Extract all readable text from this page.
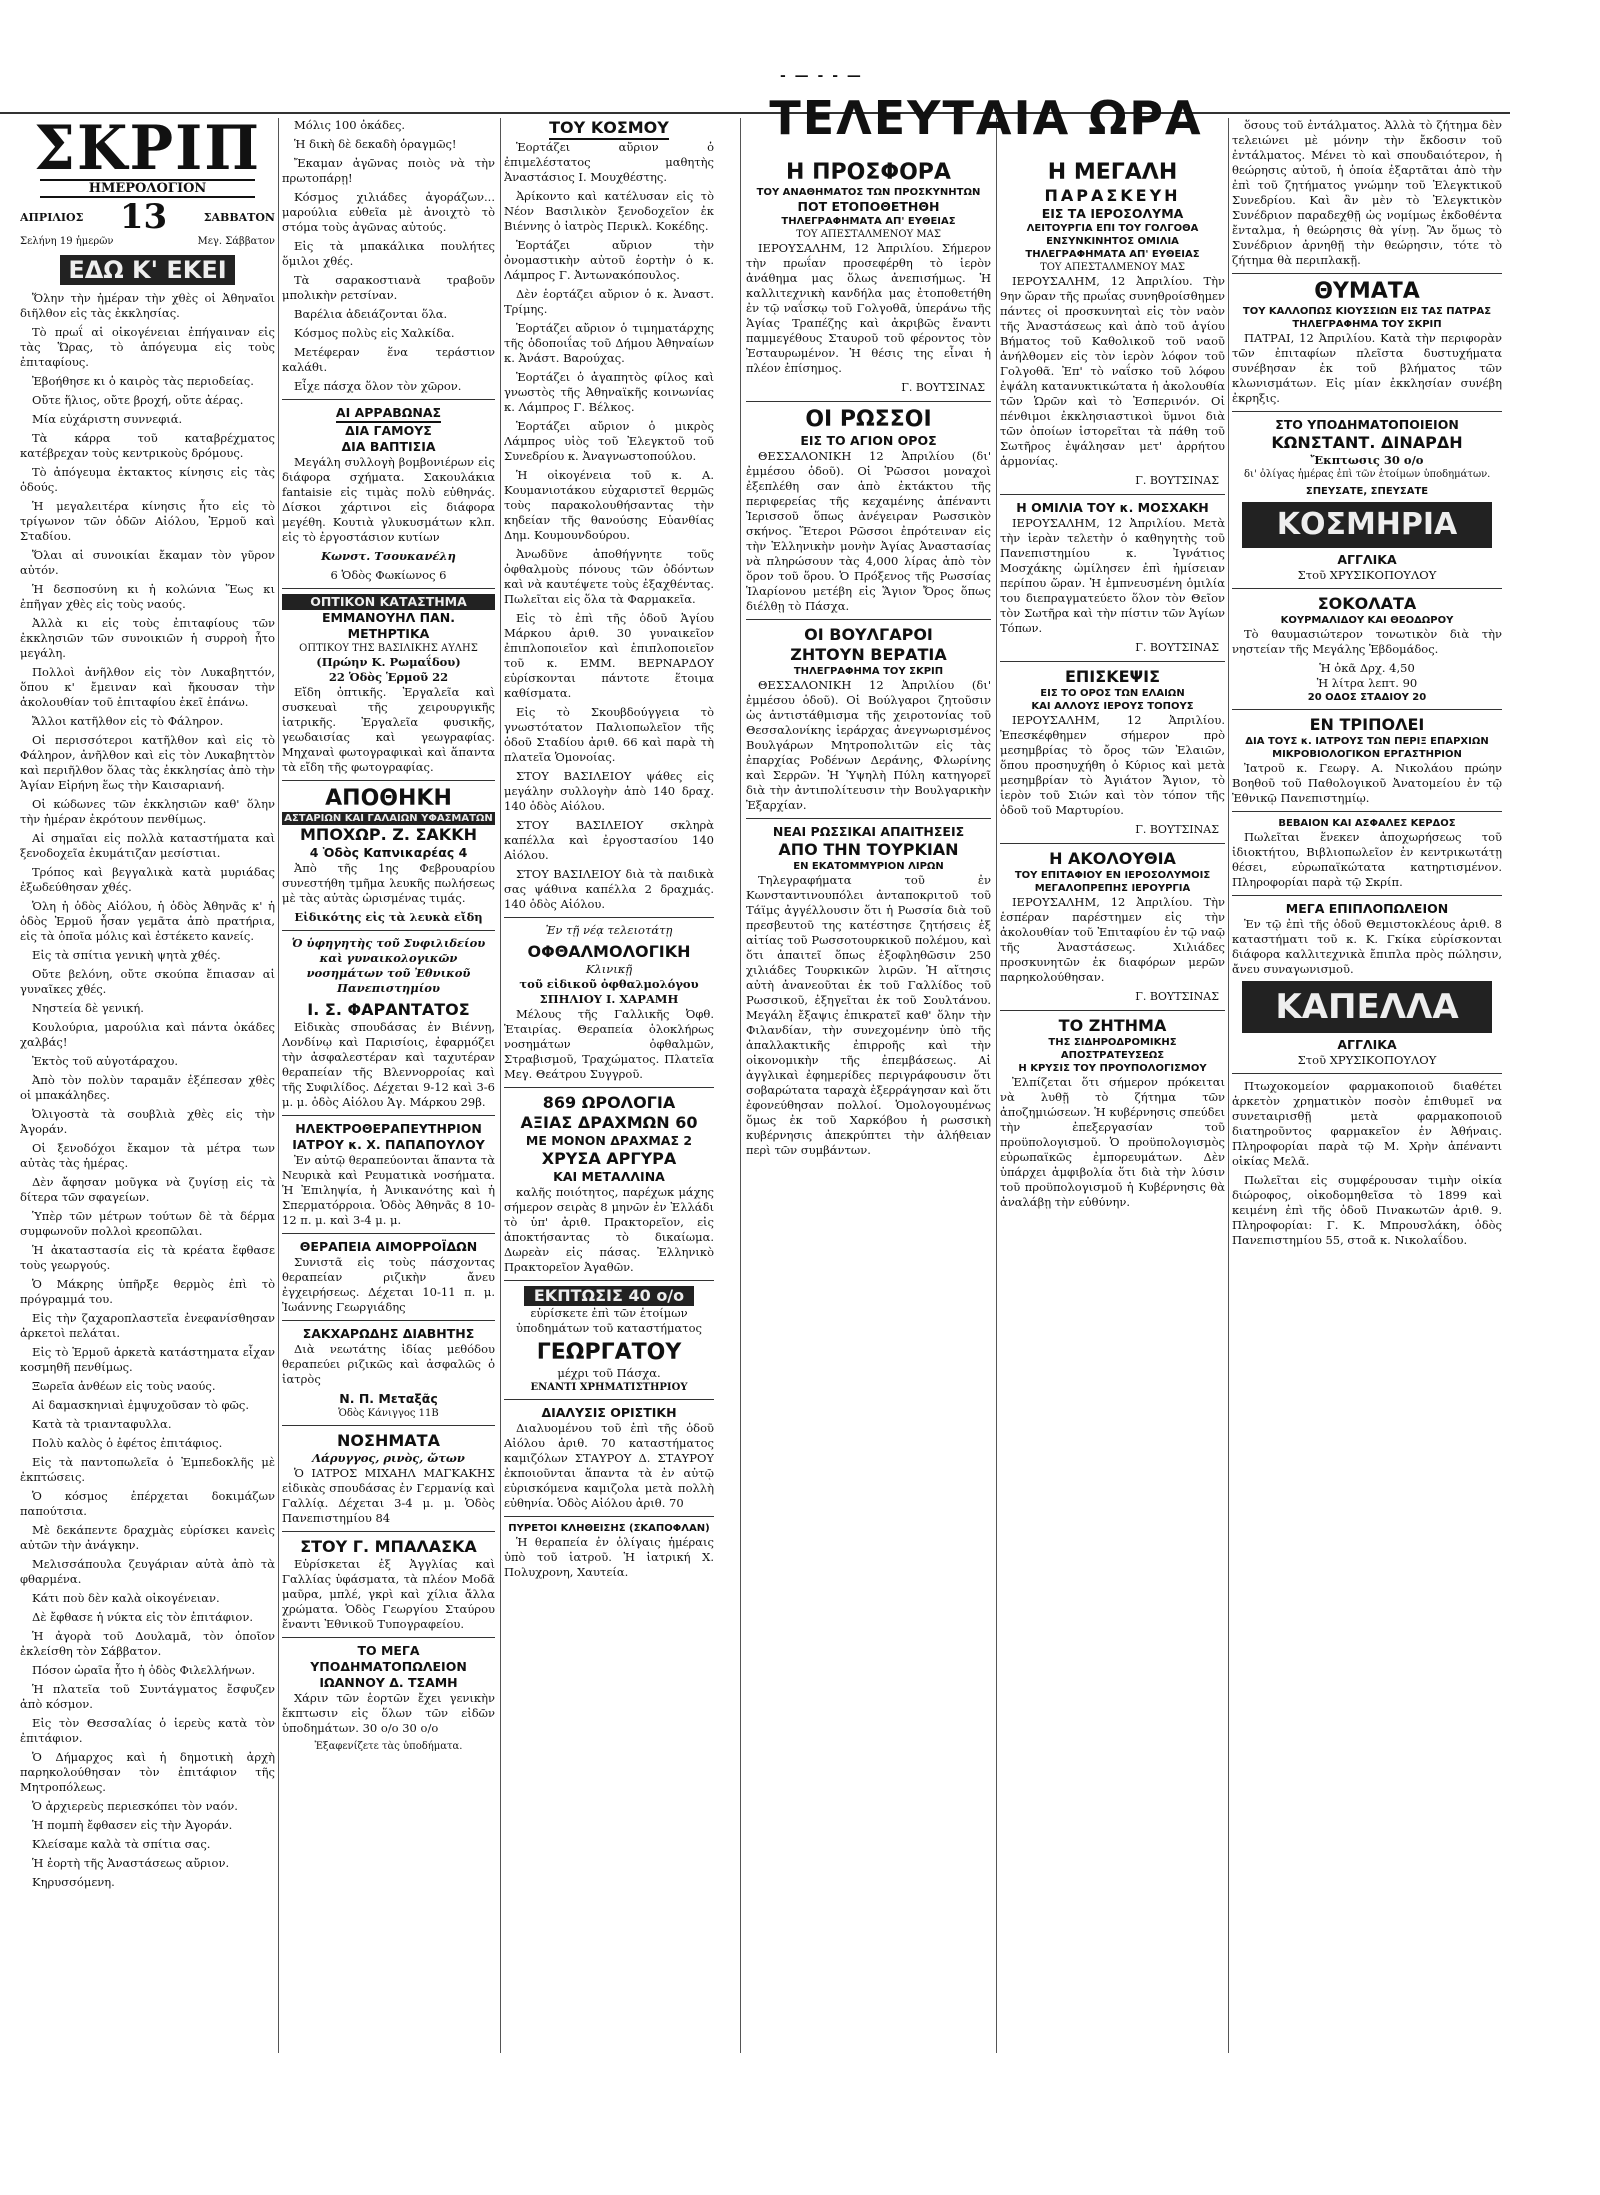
- — - - —
ΣΚΡΙΠ
ΗΜΕΡΟΛΟΓΙΟΝ
ΑΠΡΙΛΙΟΣ 13	ΣΑΒΒΑΤΟΝ
Σελήνη 19 ἡμερῶν	Μεγ. Σάββατον
ΕΔΩ Κ' ΕΚΕΙ

Ὅλην τὴν ἡμέραν τὴν χθὲς οἱ Ἀθηναῖοι διῆλθον εἰς τὰς ἐκκλησίας.

Τὸ πρωΐ αἱ οἰκογένειαι ἐπήγαιναν εἰς τὰς Ὥρας, τὸ ἀπόγευμα εἰς τοὺς ἐπιταφίους.

Ἐβοήθησε κι ὁ καιρὸς τὰς περιοδείας.

Οὔτε ἥλιος, οὔτε βροχή, οὔτε ἀέρας.

Μία εὐχάριστη συννεφιά.

Τὰ κάρρα τοῦ καταβρέχματος κατέβρεχαν τοὺς κεντρικοὺς δρόμους.

Τὸ ἀπόγευμα ἐκτακτος κίνησις εἰς τὰς ὁδούς.

Ἡ μεγαλειτέρα κίνησις ἦτο εἰς τὸ τρίγωνον τῶν ὁδῶν Αἰόλου, Ἑρμοῦ καὶ Σταδίου.

Ὅλαι αἱ συνοικίαι ἔκαμαν τὸν γῦρον αὐτόν.

Ἡ δεσποσύνη κι ἡ κολώνια Ἕως κι ἐπῆγαν χθὲς εἰς τοὺς ναούς.

Ἀλλὰ κι εἰς τοὺς ἐπιταφίους τῶν ἐκκλησιῶν τῶν συνοικιῶν ἡ συρροὴ ἦτο μεγάλη.

Πολλοὶ ἀνῆλθον εἰς τὸν Λυκαβηττόν, ὅπου κ' ἔμειναν καὶ ἤκουσαν τὴν ἀκολουθίαν τοῦ ἐπιταφίου ἐκεῖ ἐπάνω.

Ἄλλοι κατῆλθον εἰς τὸ Φάληρον.

Οἱ περισσότεροι κατῆλθον καὶ εἰς τὸ Φάληρον, ἀνῆλθον καὶ εἰς τὸν Λυκαβηττὸν καὶ περιῆλθον ὅλας τὰς ἐκκλησίας ἀπὸ τὴν Ἁγίαν Εἰρήνη ἕως τὴν Καισαριανή.

Οἱ κώδωνες τῶν ἐκκλησιῶν καθ' ὅλην τὴν ἡμέραν ἐκρότουν πενθίμως.

Αἱ σημαῖαι εἰς πολλὰ καταστήματα καὶ ξενοδοχεῖα ἐκυμάτιζαν μεσίστιαι.

Τρόπος καὶ βεγγαλικὰ κατὰ μυριάδας ἐξωδεύθησαν χθές.

Ὁλη ἡ ὁδὸς Αἰόλου, ἡ ὁδὸς Ἀθηνᾶς κ' ἡ ὁδὸς Ἑρμοῦ ἦσαν γεμᾶτα ἀπὸ πρατήρια, εἰς τὰ ὁποῖα μόλις καὶ ἐστέκετο κανείς.

Εἰς τὰ σπίτια γενικὴ ψητὰ χθές.

Οὔτε βελόνη, οὔτε σκούπα ἔπιασαν αἱ γυναῖκες χθές.

Νηστεία δὲ γενική.

Κουλούρια, μαρούλια καὶ πάντα ὀκάδες χαλβάς!

Ἐκτὸς τοῦ αὐγοτάραχου.

Ἀπὸ τὸν πολὺν ταραμᾶν ἐξέπεσαν χθὲς οἱ μπακάληδες.

Ὀλιγοστὰ τὰ σουβλιὰ χθὲς εἰς τὴν Ἀγοράν.

Οἱ ξενοδόχοι ἔκαμον τὰ μέτρα των αὐτὰς τὰς ἡμέρας.

Δὲν ἄφησαν μοῦγκα νὰ ζυγίσῃ εἰς τὰ δίτερα τῶν σφαγείων.

Ὑπὲρ τῶν μέτρων τούτων δὲ τὰ δέρμα συμφωνοῦν πολλοὶ κρεοπῶλαι.

Ἡ ἀκαταστασία εἰς τὰ κρέατα ἔφθασε τοὺς γεωργούς.

Ὁ Μάκρης ὑπῆρξε θερμὸς ἐπὶ τὸ πρόγραμμά του.

Εἰς τὴν ζαχαροπλαστεῖα ἐνεφανίσθησαν ἀρκετοὶ πελάται.

Εἰς τὸ Ἑρμοῦ ἀρκετὰ κατάστηματα εἶχαν κοσμηθῆ πενθίμως.

Ξωρεῖα ἀνθέων εἰς τοὺς ναούς.

Αἱ δαμασκηνιαὶ ἐμψυχοῦσαν τὸ φῶς.

Κατὰ τὰ τριανταφυλλα.

Πολὺ καλὸς ὁ ἐφέτος ἐπιτάφιος.

Εἰς τὰ παντοπωλεῖα ὁ Ἐμπεδοκλῆς μὲ ἐκπτώσεις.

Ὁ κόσμος ἐπέρχεται δοκιμάζων παπούτσια.

Μὲ δεκάπεντε δραχμὰς εὑρίσκει κανεὶς αὐτῶν τὴν ἀνάγκην.

Μελισσάπουλα ζευγάριαν αὐτὰ ἀπὸ τὰ φθαρμένα.

Κάτι ποὺ δὲν καλὰ οἰκογένειαν.

Δὲ ἔφθασε ἡ νύκτα εἰς τὸν ἐπιτάφιον.

Ἡ ἀγορὰ τοῦ Δουλαμᾶ, τὸν ὁποῖον ἐκλείσθη τὸν Σάββατον.

Πόσον ὡραῖα ἦτο ἡ ὁδὸς Φιλελλήνων.

Ἡ πλατεῖα τοῦ Συντάγματος ἔσφυζεν ἀπὸ κόσμον.

Εἰς τὸν Θεσσαλίας ὁ ἱερεὺς κατὰ τὸν ἐπιτάφιον.

Ὁ Δήμαρχος καὶ ἡ δημοτικὴ ἀρχὴ παρηκολούθησαν τὸν ἐπιτάφιον τῆς Μητροπόλεως.

Ὁ ἀρχιερεὺς περιεσκόπει τὸν ναόν.

Ἡ πομπὴ ἔφθασεν εἰς τὴν Ἀγοράν.

Κλείσαμε καλὰ τὰ σπίτια σας.

Ἡ ἐορτὴ τῆς Ἀναστάσεως αὔριον.

Κηρυσσόμενη.

Μόλις 100 ὀκάδες.

Ἡ δικὴ δὲ δεκαδὴ ὁραγμῶς!

Ἔκαμαν ἀγῶνας ποιὸς νὰ τὴν πρωτοπάρῃ!

Κόσμος χιλιάδες ἀγοράζων... μαρούλια εὐθεῖα μὲ ἀνοιχτὸ τὸ στόμα τοὺς ἀγῶνας αὐτούς.

Εἰς τὰ μπακάλικα πουλήτες ὅμιλοι χθές.

Τὰ σαρακοστιανὰ τραβοῦν μπολικὴν ρετσίναν.

Βαρέλια ἀδειάζονται ὅλα.

Κόσμος πολὺς εἰς Χαλκίδα.

Μετέφεραν ἕνα τεράστιον καλάθι.

Εἶχε πάσχα ὅλον τὸν χῶρον.

ΑΙ ΑΡΡΑΒΩΝΑΣ
ΔΙΑ ΓΑΜΟΥΣ
ΔΙΑ ΒΑΠΤΙΣΙΑ

Μεγάλη συλλογὴ βομβονιέρων εἰς διάφορα σχήματα. Σακουλάκια fantaisie εἰς τιμὰς πολὺ εὐθηνάς. Δίσκοι χάρτινοι εἰς διάφορα μεγέθη. Κουτιὰ γλυκυσμάτων κλπ. εἰς τὸ ἐργοστάσιον κυτίων

Κωνστ. Τσουκανέλη

6 Ὁδὸς Φωκίωνος 6

ΟΠΤΙΚΟΝ ΚΑΤΑΣΤΗΜΑ
ΕΜΜΑΝΟΥΗΛ ΠΑΝ. ΜΕΤΗΡΤΙΚΑ
ΟΠΤΙΚΟΥ ΤΗΣ ΒΑΣΙΛΙΚΗΣ ΑΥΛΗΣ
(Πρώην Κ. Ρωμαΐδου)
22 Ὁδὸς Ἑρμοῦ 22

Εἴδη ὀπτικῆς. Ἐργαλεῖα καὶ συσκευαὶ τῆς χειρουργικῆς ἰατρικῆς. Ἐργαλεῖα φυσικῆς, γεωδαισίας καὶ γεωγραφίας. Μηχαναὶ φωτογραφικαὶ καὶ ἅπαντα τὰ εἴδη τῆς φωτογραφίας.

ΑΠΟΘΗΚΗ
ΑΣΤΑΡΙΩΝ ΚΑΙ ΓΑΛΑΙΩΝ ΥΦΑΣΜΑΤΩΝ
ΜΠΟΧΩΡ. Ζ. ΣΑΚΚΗ
4 Ὁδὸς Καπνικαρέας 4

Ἀπὸ τῆς 1ης Φεβρουαρίου συνεστήθη τμῆμα λευκῆς πωλήσεως μὲ τὰς αὐτὰς ὡρισμένας τιμάς.

Εἰδικότης εἰς τὰ λευκὰ εἴδη

Ὁ ὑφηγητὴς τοῦ Συφιλιδείου καὶ γυναικολογικῶν νοσημάτων τοῦ Ἐθνικοῦ Πανεπιστημίου

Ι. Σ. ΦΑΡΑΝΤΑΤΟΣ

Εἰδικὰς σπουδάσας ἐν Βιέννῃ, Λονδίνῳ καὶ Παρισίοις, ἐφαρμόζει τὴν ἀσφαλεστέραν καὶ ταχυτέραν θεραπείαν τῆς Βλεννορροίας καὶ τῆς Συφιλίδος. Δέχεται 9-12 καὶ 3-6 μ. μ. ὁδὸς Αἰόλου Ἁγ. Μάρκου 29β.

ΗΛΕΚΤΡΟΘΕΡΑΠΕΥΤΗΡΙΟΝ
ΙΑΤΡΟΥ κ. Χ. ΠΑΠΑΠΟΥΛΟΥ

Ἐν αὐτῷ θεραπεύονται ἅπαντα τὰ Νευρικὰ καὶ Ρευματικὰ νοσήματα. Ἡ Ἐπιληψία, ἡ Ἀνικανότης καὶ ἡ Σπερματόρροια. Ὁδὸς Ἀθηνᾶς 8 10-12 π. μ. καὶ 3-4 μ. μ.

ΘΕΡΑΠΕΙΑ ΑΙΜΟΡΡΟΪΔΩΝ

Συνιστᾶ εἰς τοὺς πάσχοντας θεραπείαν ριζικὴν ἄνευ ἐγχειρήσεως. Δέχεται 10-11 π. μ. Ἰωάννης Γεωργιάδης

ΣΑΚΧΑΡΩΔΗΣ ΔΙΑΒΗΤΗΣ

Διὰ νεωτάτης ἰδίας μεθόδου θεραπεύει ριζικῶς καὶ ἀσφαλῶς ὁ ἰατρὸς

Ν. Π. Μεταξᾶς
Ὁδὸς Κάνιγγος 11Β
ΝΟΣΗΜΑΤΑ
Λάρυγγος, ρινὸς, ὤτων

Ὁ ΙΑΤΡΟΣ ΜΙΧΑΗΛ ΜΑΓΚΑΚΗΣ εἰδικὰς σπουδάσας ἐν Γερμανίᾳ καὶ Γαλλίᾳ. Δέχεται 3-4 μ. μ. Ὁδὸς Πανεπιστημίου 84

ΣΤΟΥ Γ. ΜΠΑΛΑΣΚΑ

Εὑρίσκεται ἐξ Ἀγγλίας καὶ Γαλλίας ὑφάσματα, τὰ πλέον Μοδᾶ μαῦρα, μπλέ, γκρὶ καὶ χίλια ἄλλα χρώματα. Ὁδὸς Γεωργίου Σταύρου ἔναντι Ἐθνικοῦ Τυπογραφείου.

ΤΟ ΜΕΓΑ ΥΠΟΔΗΜΑΤΟΠΩΛΕΙΟΝ
ΙΩΑΝΝΟΥ Δ. ΤΣΑΜΗ

Χάριν τῶν ἑορτῶν ἔχει γενικὴν ἔκπτωσιν εἰς ὅλων τῶν εἰδῶν ὑποδημάτων. 30 ο/ο 30 ο/ο

Ἐξαφενίζετε τὰς ὑποδήματα.

ΤΟΥ ΚΟΣΜΟΥ

Ἑορτάζει αὔριον ὁ ἐπιμελέστατος μαθητὴς Ἀναστάσιος Ι. Μουχθέστης.

Ἀρίκοντο καὶ κατέλυσαν εἰς τὸ Νέον Βασιλικὸν ξενοδοχεῖον ἐκ Βιέννης ὁ ἰατρὸς Περικλ. Κοκέδης.

Ἑορτάζει αὔριον τὴν ὀνομαστικὴν αὐτοῦ ἑορτὴν ὁ κ. Λάμπρος Γ. Ἀντωνακόπουλος.

Δὲν ἑορτάζει αὔριον ὁ κ. Ἀναστ. Τρίμης.

Ἑορτάζει αὔριον ὁ τιμηματάρχης τῆς ὁδοποιΐας τοῦ Δήμου Ἀθηναίων κ. Ἀνάστ. Βαρούχας.

Ἑορτάζει ὁ ἀγαπητὸς φίλος καὶ γνωστὸς τῆς Ἀθηναϊκῆς κοινωνίας κ. Λάμπρος Γ. Βέλκος.

Ἑορτάζει αὔριον ὁ μικρὸς Λάμπρος υἱὸς τοῦ Ἐλεγκτοῦ τοῦ Συνεδρίου κ. Ἀναγνωστοπούλου.

Ἡ οἰκογένεια τοῦ κ. Α. Κουμανιοτάκου εὐχαριστεῖ θερμῶς τοὺς παρακολουθήσαντας τὴν κηδείαν τῆς θανούσης Εὐανθίας Δημ. Κουμουνδούρου.

Ἀνωδῦνε ἀποθήγνητε τοῦς ὀφθαλμοὺς πόνους τῶν ὀδόντων καὶ νὰ καυτέψετε τοὺς ἐξαχθέντας. Πωλεῖται εἰς ὅλα τὰ Φαρμακεῖα.

Εἰς τὸ ἐπὶ τῆς ὁδοῦ Ἁγίου Μάρκου ἀριθ. 30 γυναικεῖον ἐπιπλοποιεῖον καὶ ἐπιπλοποιεῖον τοῦ κ. ΕΜΜ. ΒΕΡΝΑΡΔΟΥ εὑρίσκονται πάντοτε ἕτοιμα καθίσματα.

Εἰς τὸ Σκουβδούγγεια τὸ γνωστότατον Παλιοπωλεῖον τῆς ὁδοῦ Σταδίου ἀριθ. 66 καὶ παρὰ τὴ πλατεῖα Ὁμονοίας.

ΣΤΟΥ ΒΑΣΙΛΕΙΟΥ ψάθες εἰς μεγάλην συλλογὴν ἀπὸ 140 δραχ. 140 ὁδὸς Αἰόλου.

ΣΤΟΥ ΒΑΣΙΛΕΙΟΥ σκληρὰ καπέλλα καὶ ἐργοστασίου 140 Αἰόλου.

ΣΤΟΥ ΒΑΣΙΛΕΙΟΥ διὰ τὰ παιδικὰ σας ψάθινα καπέλλα 2 δραχμάς. 140 ὁδὸς Αἰόλου.

Ἐν τῇ νέᾳ τελειοτάτῃ

ΟΦΘΑΛΜΟΛΟΓΙΚΗ
Κλινικῇ
τοῦ εἰδικοῦ ὀφθαλμολόγου ΣΠΗΛΙΟΥ Ι. ΧΑΡΑΜΗ

Μέλους τῆς Γαλλικῆς Ὀφθ. Ἑταιρίας. Θεραπεία ὁλοκλήρως νοσημάτων ὀφθαλμῶν, Στραβισμοῦ, Τραχώματος. Πλατεῖα Μεγ. Θεάτρου Συγγροῦ.

869 ΩΡΟΛΟΓΙΑ
ΑΞΙΑΣ ΔΡΑΧΜΩΝ 60
ΜΕ ΜΟΝΟΝ ΔΡΑΧΜΑΣ 2
ΧΡΥΣΑ ΑΡΓΥΡΑ
ΚΑΙ ΜΕΤΑΛΛΙΝΑ

καλῆς ποιότητος, παρέχωκ μάχης σήμερον σειρὰς 8 μηνῶν ἐν Ἑλλάδι τὸ ὑπ' ἀριθ. Πρακτορεῖον, εἰς ἀποκτήσαντας τὸ δικαίωμα. Δωρεὰν εἰς πάσας. Ἐλληνικὸ Πρακτορεῖον Ἀγαθῶν.

ΕΚΠΤΩΣΙΣ 40 ο/ο

εὑρίσκετε ἐπὶ τῶν ἑτοίμων ὑποδημάτων τοῦ καταστήματος

ΓΕΩΡΓΑΤΟΥ
μέχρι τοῦ Πάσχα.
ΕΝΑΝΤΙ ΧΡΗΜΑΤΙΣΤΗΡΙΟΥ
ΔΙΑΛΥΣΙΣ ΟΡΙΣΤΙΚΗ

Διαλυομένου τοῦ ἐπὶ τῆς ὁδοῦ Αἰόλου ἀριθ. 70 καταστήματος καμιζόλων ΣΤΑΥΡΟΥ Δ. ΣΤΑΥΡΟΥ ἐκποιοῦνται ἅπαντα τὰ ἐν αὐτῷ εὑρισκόμενα καμιζολα μετὰ πολλὴ εὐθηνία. Ὁδὸς Αἰόλου ἀριθ. 70

ΠΥΡΕΤΟΙ ΚΛΗΘΕΙΣΗΣ (ΣΚΑΠΟΦΛΑΝ)

Ἡ θεραπεία ἐν ὀλίγαις ἡμέραις ὑπὸ τοῦ ἰατροῦ. Ἡ ἰατρική Χ. Πολυχρονη, Χαυτεία.

ΤΕΛΕΥΤΑΙΑ ΩΡΑ
Η ΠΡΟΣΦΟΡΑ
ΤΟΥ ΑΝΑΘΗΜΑΤΟΣ ΤΩΝ ΠΡΟΣΚΥΝΗΤΩΝ
ΠΟΤ ΕΤΟΠΟΘΕΤΗΘΗ
ΤΗΛΕΓΡΑΦΗΜΑΤΑ ΑΠ' ΕΥΘΕΙΑΣ
ΤΟΥ ΑΠΕΣΤΑΛΜΕΝΟΥ ΜΑΣ

ΙΕΡΟΥΣΑΛΗΜ, 12 Ἀπριλίου. Σήμερον τὴν πρωΐαν προσεφέρθη τὸ ἱερὸν ἀνάθημα μας ὅλως ἀνεπισήμως. Ἡ καλλιτεχνικὴ κανδήλα μας ἐτοποθετήθη ἐν τῷ ναΐσκῳ τοῦ Γολγοθᾶ, ὑπεράνω τῆς Ἁγίας Τραπέζης καὶ ἀκριβῶς ἔναντι παμμεγέθους Σταυροῦ τοῦ φέροντος τὸν Ἐσταυρωμένον. Ἡ θέσις της εἶναι ἡ πλέον ἐπίσημος.

Γ. ΒΟΥΤΣΙΝΑΣ
ΟΙ ΡΩΣΣΟΙ
ΕΙΣ ΤΟ ΑΓΙΟΝ ΟΡΟΣ

ΘΕΣΣΑΛΟΝΙΚΗ 12 Ἀπριλίου (δι' ἐμμέσου ὁδοῦ). Οἱ Ῥῶσσοι μοναχοὶ ἐξεπλέθη σαν ἀπὸ ἐκτάκτου τῆς περιφερείας τῆς κεχαμένης ἀπέναντι Ἱερισσοῦ ὅπως ἀνέγειραν Ρωσσικὸν σκήνος. Ἕτεροι Ρῶσσοι ἐπρότειναν εἰς τὴν Ἑλληνικὴν μονὴν Ἀγίας Ἀναστασίας νὰ πληρώσουν τὰς 4,000 λίρας ἀπὸ τὸν ὅρον τοῦ ὅρου. Ὁ Πρόξενος τῆς Ρωσσίας Ἱλαρίονου μετέβη εἰς Ἅγιον Ὄρος ὅπως διέλθῃ τὸ Πάσχα.

ΟΙ ΒΟΥΛΓΑΡΟΙ
ΖΗΤΟΥΝ ΒΕΡΑΤΙΑ
ΤΗΛΕΓΡΑΦΗΜΑ ΤΟΥ ΣΚΡΙΠ

ΘΕΣΣΑΛΟΝΙΚΗ 12 Ἀπριλίου (δι' ἐμμέσου ὁδοῦ). Οἱ Βούλγαροι ζητοῦσιν ὡς ἀντιστάθμισμα τῆς χειροτονίας τοῦ Θεσσαλονίκης ἱεράρχας ἀνεγνωρισμένος Βουλγάρων Μητροπολιτῶν εἰς τὰς ἐπαρχίας Ροδένων Δεράνης, Φλωρίνης καὶ Σερρῶν. Ἡ Ὑψηλὴ Πύλη κατηγορεῖ διὰ τὴν ἀντιπολίτευσιν τὴν Βουλγαρικὴν Ἐξαρχίαν.

ΝΕΑΙ ΡΩΣΣΙΚΑΙ ΑΠΑΙΤΗΣΕΙΣ
ΑΠΟ ΤΗΝ ΤΟΥΡΚΙΑΝ
ΕΝ ΕΚΑΤΟΜΜΥΡΙΟΝ ΛΙΡΩΝ

Τηλεγραφήματα τοῦ ἐν Κωνσταντινουπόλει ἀνταποκριτοῦ τοῦ Τάϊμς ἀγγέλλουσιν ὅτι ἡ Ρωσσία διὰ τοῦ πρεσβευτοῦ της κατέστησε ζητήσεις ἐξ αἰτίας τοῦ Ρωσσοτουρκικοῦ πολέμου, καὶ ὅτι ἀπαιτεῖ ὅπως ἐξοφληθῶσιν 250 χιλιάδες Τουρκικῶν λιρῶν. Ἡ αἴτησις αὐτὴ ἀνανεοῦται ἐκ τοῦ Γαλλίδος τοῦ Ρωσσικοῦ, ἐξηγεῖται ἐκ τοῦ Σουλτάνου. Μεγάλη ἔξαψις ἐπικρατεῖ καθ' ὅλην τὴν Φιλανδίαν, τὴν συνεχομένην ὑπὸ τῆς ἀπαλλακτικῆς ἐπιρροῆς καὶ τὴν οἰκονομικὴν τῆς ἐπεμβάσεως. Αἱ ἀγγλικαὶ ἐφημερίδες περιγράφουσιν ὅτι σοβαρώτατα ταραχὰ ἐξερράγησαν καὶ ὅτι ἐφονεύθησαν πολλοί. Ὁμολογουμένως ὅμως ἐκ τοῦ Χαρκόβου ἡ ρωσσικὴ κυβέρνησις ἀπεκρύπτει τὴν ἀλήθειαν περὶ τῶν συμβάντων.

Η ΜΕΓΑΛΗ
ΠΑΡΑΣΚΕΥΗ
ΕΙΣ ΤΑ ΙΕΡΟΣΟΛΥΜΑ
ΛΕΙΤΟΥΡΓΙΑ ΕΠΙ ΤΟΥ ΓΟΛΓΟΘΑ
ΕΝΣΥΝΚΙΝΗΤΟΣ ΟΜΙΛΙΑ
ΤΗΛΕΓΡΑΦΗΜΑΤΑ ΑΠ' ΕΥΘΕΙΑΣ
ΤΟΥ ΑΠΕΣΤΑΛΜΕΝΟΥ ΜΑΣ

ΙΕΡΟΥΣΑΛΗΜ, 12 Ἀπριλίου. Τὴν 9ην ὥραν τῆς πρωΐας συνηθροίσθημεν πάντες οἱ προσκυνηταὶ εἰς τὸν ναὸν τῆς Ἀναστάσεως καὶ ἀπὸ τοῦ ἁγίου Βήματος τοῦ Καθολικοῦ τοῦ ναοῦ ἀνήλθομεν εἰς τὸν ἱερὸν λόφον τοῦ Γολγοθᾶ. Ἐπ' τὸ ναΐσκο τοῦ λόφου ἐψάλη κατανυκτικώτατα ἡ ἀκολουθία τῶν Ὡρῶν καὶ τὸ Ἐσπερινόν. Οἱ πένθιμοι ἐκκλησιαστικοὶ ὕμνοι διὰ τῶν ὁποίων ἱστορεῖται τὰ πάθη τοῦ Σωτῆρος ἐψάλησαν μετ' ἀρρήτου ἁρμονίας.

Γ. ΒΟΥΤΣΙΝΑΣ
Η ΟΜΙΛΙΑ ΤΟΥ κ. ΜΟΣΧΑΚΗ

ΙΕΡΟΥΣΑΛΗΜ, 12 Ἀπριλίου. Μετὰ τὴν ἱερὰν τελετὴν ὁ καθηγητὴς τοῦ Πανεπιστημίου κ. Ἰγνάτιος Μοσχάκης ὡμίλησεν ἐπὶ ἡμίσειαν περίπου ὥραν. Ἡ ἐμπνευσμένη ὁμιλία του διεπραγματεύετο ὅλον τὸν Θεῖον τὸν Σωτῆρα καὶ τὴν πίστιν τῶν Ἁγίων Τόπων.

Γ. ΒΟΥΤΣΙΝΑΣ
ΕΠΙΣΚΕΨΙΣ
ΕΙΣ ΤΟ ΟΡΟΣ ΤΩΝ ΕΛΑΙΩΝ
ΚΑΙ ΑΛΛΟΥΣ ΙΕΡΟΥΣ ΤΟΠΟΥΣ

ΙΕΡΟΥΣΑΛΗΜ, 12 Ἀπριλίου. Ἐπεσκέφθημεν σήμερον πρὸ μεσημβρίας τὸ ὄρος τῶν Ἐλαιῶν, ὅπου προσηυχήθη ὁ Κύριος καὶ μετὰ μεσημβρίαν τὸ Ἀγιάτον Ἄγιον, τὸ ἱερὸν τοῦ Σιών καὶ τὸν τόπον τῆς ὁδοῦ τοῦ Μαρτυρίου.

Γ. ΒΟΥΤΣΙΝΑΣ
Η ΑΚΟΛΟΥΘΙΑ
ΤΟΥ ΕΠΙΤΑΦΙΟΥ ΕΝ ΙΕΡΟΣΟΛΥΜΟΙΣ
ΜΕΓΑΛΟΠΡΕΠΗΣ ΙΕΡΟΥΡΓΙΑ

ΙΕΡΟΥΣΑΛΗΜ, 12 Ἀπριλίου. Τὴν ἑσπέραν παρέστημεν εἰς τὴν ἀκολουθίαν τοῦ Ἐπιταφίου ἐν τῷ ναῷ τῆς Ἀναστάσεως. Χιλιάδες προσκυνητῶν ἐκ διαφόρων μερῶν παρηκολούθησαν.

Γ. ΒΟΥΤΣΙΝΑΣ
ΤΟ ΖΗΤΗΜΑ
ΤΗΣ ΣΙΔΗΡΟΔΡΟΜΙΚΗΣ ΑΠΟΣΤΡΑΤΕΥΣΕΩΣ
Η ΚΡΥΣΙΣ ΤΟΥ ΠΡΟΥΠΟΛΟΓΙΣΜΟΥ

Ἐλπίζεται ὅτι σήμερον πρόκειται νὰ λυθῇ τὸ ζήτημα τῶν ἀποζημιώσεων. Ἡ κυβέρνησις σπεύδει τὴν ἐπεξεργασίαν τοῦ προϋπολογισμοῦ. Ὁ προϋπολογισμὸς εὑρωπαϊκῶς ἐμπορευμάτων. Δὲν ὑπάρχει ἀμφιβολία ὅτι διὰ τὴν λύσιν τοῦ προϋπολογισμοῦ ἡ Κυβέρνησις θὰ ἀναλάβῃ τὴν εὐθύνην.

ὅσους τοῦ ἐντάλματος. Ἀλλὰ τὸ ζήτημα δὲν τελειώνει μὲ μόνην τὴν ἔκδοσιν τοῦ ἐντάλματος. Μένει τὸ καὶ σπουδαιότερον, ἡ θεώρησις αὐτοῦ, ἡ ὁποία ἐξαρτᾶται ἀπὸ τὴν ἐπὶ τοῦ ζητήματος γνώμην τοῦ Ἐλεγκτικοῦ Συνεδρίου. Καὶ ἂν μὲν τὸ Ἐλεγκτικὸν Συνέδριον παραδεχθῇ ὡς νομίμως ἐκδοθέντα ἔνταλμα, ἡ θεώρησις θὰ γίνῃ. Ἂν ὅμως τὸ Συνέδριον ἀρνηθῇ τὴν θεώρησιν, τότε τὸ ζήτημα θὰ περιπλακῇ.

ΘΥΜΑΤΑ
ΤΟΥ ΚΑΛΛΟΠΩΣ ΚΙΟΥΣΣΙΩΝ ΕΙΣ ΤΑΣ ΠΑΤΡΑΣ
ΤΗΛΕΓΡΑΦΗΜΑ ΤΟΥ ΣΚΡΙΠ

ΠΑΤΡΑΙ, 12 Ἀπριλίου. Κατὰ τὴν περιφορὰν τῶν ἐπιταφίων πλεῖστα δυστυχήματα συνέβησαν ἐκ τοῦ βλήματος τῶν κλωνισμάτων. Εἰς μίαν ἐκκλησίαν συνέβη ἐκρηξις.

ΣΤΟ ΥΠΟΔΗΜΑΤΟΠΟΙΕΙΟΝ
ΚΩΝΣΤΑΝΤ. ΔΙΝΑΡΔΗ
Ἔκπτωσις 30 ο/ο

δι' ὀλίγας ἡμέρας ἐπὶ τῶν ἑτοίμων ὑποδημάτων.

ΣΠΕΥΣΑΤΕ, ΣΠΕΥΣΑΤΕ
ΚΟΣΜΗΡΙΑ
ΑΓΓΛΙΚΑ
Στοῦ ΧΡΥΣΙΚΟΠΟΥΛΟΥ
ΣΟΚΟΛΑΤΑ
ΚΟΥΡΜΑΛΙΔΟΥ ΚΑΙ ΘΕΟΔΩΡΟΥ

Τὸ θαυμασιώτερον τονωτικὸν διὰ τὴν νηστείαν τῆς Μεγάλης Ἑβδομάδος.

Ἡ ὀκᾶ Δρχ. 4,50
Ἡ λίτρα λεπτ. 90
20 ΟΔΟΣ ΣΤΑΔΙΟΥ 20
ΕΝ ΤΡΙΠΟΛΕΙ
ΔΙΑ ΤΟΥΣ κ. ΙΑΤΡΟΥΣ ΤΩΝ ΠΕΡΙΞ ΕΠΑΡΧΙΩΝ
ΜΙΚΡΟΒΙΟΛΟΓΙΚΟΝ ΕΡΓΑΣΤΗΡΙΟΝ

Ἰατροῦ κ. Γεωργ. Α. Νικολάου πρώην Βοηθοῦ τοῦ Παθολογικοῦ Ἀνατομείου ἐν τῷ Ἐθνικῷ Πανεπιστημίῳ.

ΒΕΒΑΙΟΝ ΚΑΙ ΑΣΦΑΛΕΣ ΚΕΡΔΟΣ

Πωλεῖται ἕνεκεν ἀποχωρήσεως τοῦ ἰδιοκτήτου, Βιβλιοπωλεῖον ἐν κεντρικωτάτῃ θέσει, εὐρωπαϊκώτατα κατηρτισμένον. Πληροφορίαι παρὰ τῷ Σκρίπ.

ΜΕΓΑ ΕΠΙΠΛΟΠΩΛΕΙΟΝ

Ἐν τῷ ἐπὶ τῆς ὁδοῦ Θεμιστοκλέους ἀριθ. 8 καταστήματι τοῦ κ. Κ. Γκίκα εὑρίσκονται διάφορα καλλιτεχνικὰ ἔπιπλα πρὸς πώλησιν, ἄνευ συναγωνισμοῦ.

ΚΑΠΕΛΛΑ
ΑΓΓΛΙΚΑ
Στοῦ ΧΡΥΣΙΚΟΠΟΥΛΟΥ

Πτωχοκομείον φαρμακοποιοῦ διαθέτει ἀρκετὸν χρηματικὸν ποσὸν ἐπιθυμεῖ να συνεταιρισθῇ μετὰ φαρμακοποιοῦ διατηροῦντος φαρμακεῖον ἐν Ἀθήναις. Πληροφορίαι παρὰ τῷ Μ. Χρὴν ἀπέναντι οἰκίας Μελᾶ.

Πωλεῖται εἰς συμφέρουσαν τιμὴν οἰκία διώροφος, οἰκοδομηθεῖσα τὸ 1899 καὶ κειμένη ἐπὶ τῆς ὁδοῦ Πινακωτῶν ἀριθ. 9. Πληροφορίαι: Γ. Κ. Μπρουσλάκη, ὁδὸς Πανεπιστημίου 55, στοᾶ κ. Νικολαΐδου.
